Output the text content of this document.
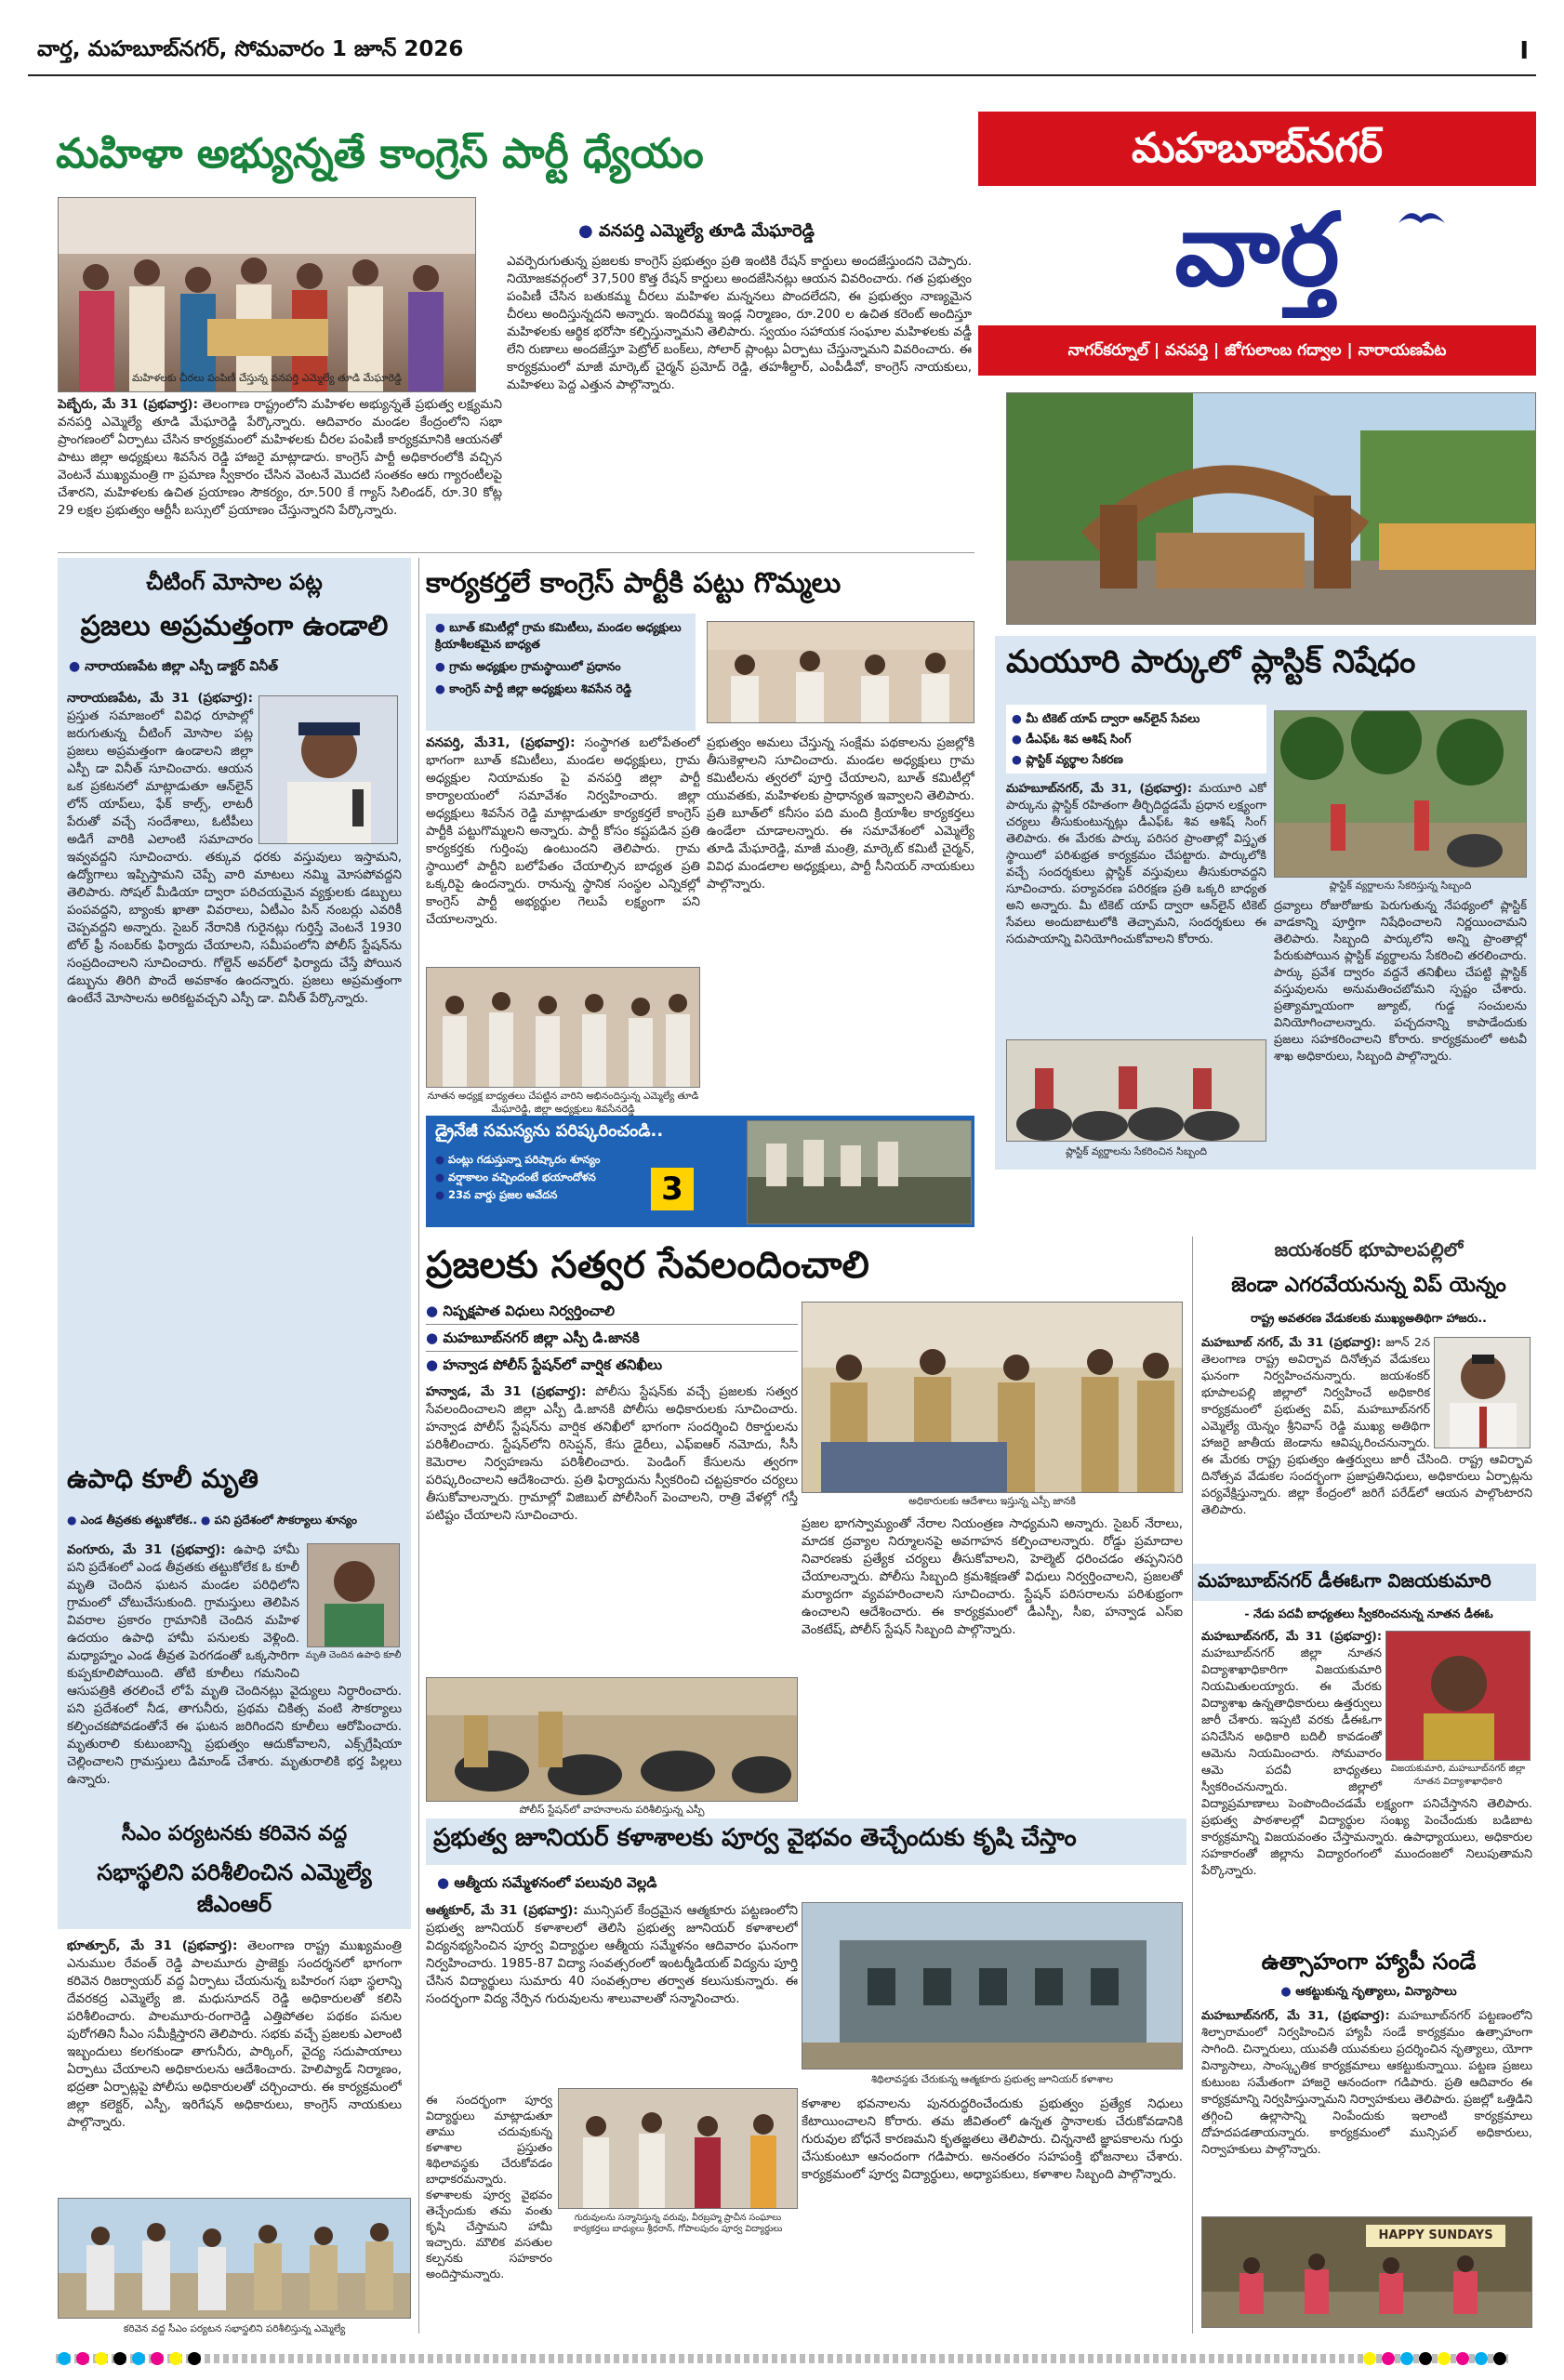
వార్త, మహబూబ్‌నగర్, సోమవారం 1 జూన్ 2026	I
మహిళా అభ్యున్నతే కాంగ్రెస్ పార్టీ ధ్యేయం	మహబూబ్‌నగర్
వార్త
నాగర్‌కర్నూల్ | వనపర్తి | జోగులాంబ గద్వాల | నారాయణపేట
మహిళలకు చీరలు పంపిణీ చేస్తున్న వనపర్తి ఎమ్మెల్యే తూడి మేఘారెడ్డి
● వనపర్తి ఎమ్మెల్యే తూడి మేఘారెడ్డి
ఎవర్పెరుగుతున్న ప్రజలకు కాంగ్రెస్ ప్రభుత్వం ప్రతి ఇంటికి రేషన్ కార్డులు అందజేస్తుందని చెప్పారు. నియోజకవర్గంలో 37,500 కొత్త రేషన్ కార్డులు అందజేసినట్లు ఆయన వివరించారు. గత ప్రభుత్వం పంపిణీ చేసిన బతుకమ్మ చీరలు మహిళల మన్ననలు పొందలేదని, ఈ ప్రభుత్వం నాణ్యమైన చీరలు అందిస్తున్నదని అన్నారు. ఇందిరమ్మ ఇండ్ల నిర్మాణం, రూ.200 ల ఉచిత కరెంట్ అందిస్తూ మహిళలకు ఆర్థిక భరోసా కల్పిస్తున్నామని తెలిపారు. స్వయం సహాయక సంఘాల మహిళలకు వడ్డీ లేని రుణాలు అందజేస్తూ పెట్రోల్ బంక్‌లు, సోలార్ ప్లాంట్లు ఏర్పాటు చేస్తున్నామని వివరించారు. ఈ కార్యక్రమంలో మాజీ మార్కెట్ చైర్మన్ ప్రమోద్ రెడ్డి, తహశీల్దార్, ఎంపీడీవో, కాంగ్రెస్ నాయకులు, మహిళలు పెద్ద ఎత్తున పాల్గొన్నారు.
పెబ్బేరు, మే 31 (ప్రభవార్త): తెలంగాణ రాష్ట్రంలోని మహిళల అభ్యున్నతే ప్రభుత్వ లక్ష్యమని వనపర్తి ఎమ్మెల్యే తూడి మేఘారెడ్డి పేర్కొన్నారు. ఆదివారం మండల కేంద్రంలోని సభా ప్రాంగణంలో ఏర్పాటు చేసిన కార్యక్రమంలో మహిళలకు చీరల పంపిణీ కార్యక్రమానికి ఆయనతో పాటు జిల్లా అధ్యక్షులు శివసేన రెడ్డి హాజరై మాట్లాడారు. కాంగ్రెస్ పార్టీ అధికారంలోకి వచ్చిన వెంటనే ముఖ్యమంత్రి గా ప్రమాణ స్వీకారం చేసిన వెంటనే మొదటి సంతకం ఆరు గ్యారంటీలపై చేశారని, మహిళలకు ఉచిత ప్రయాణం సౌకర్యం, రూ.500 కే గ్యాస్ సిలిండర్, రూ.30 కోట్ల 29 లక్షల ప్రభుత్వం ఆర్టీసీ బస్సులో ప్రయాణం చేస్తున్నారని పేర్కొన్నారు.
చీటింగ్ మోసాల పట్ల
ప్రజలు అప్రమత్తంగా ఉండాలి
● నారాయణపేట జిల్లా ఎస్పీ డాక్టర్ వినీత్
నారాయణపేట, మే 31 (ప్రభవార్త): ప్రస్తుత సమాజంలో వివిధ రూపాల్లో జరుగుతున్న చీటింగ్ మోసాల పట్ల ప్రజలు అప్రమత్తంగా ఉండాలని జిల్లా ఎస్పీ డా వినీత్ సూచించారు. ఆయన ఒక ప్రకటనలో మాట్లాడుతూ ఆన్‌లైన్ లోన్ యాప్‌లు, ఫేక్ కాల్స్, లాటరీ పేరుతో వచ్చే సందేశాలు, ఓటీపీలు అడిగే వారికి ఎలాంటి సమాచారం ఇవ్వవద్దని సూచించారు. తక్కువ ధరకు వస్తువులు ఇస్తామని, ఉద్యోగాలు ఇప్పిస్తామని చెప్పే వారి మాటలు నమ్మి మోసపోవద్దని తెలిపారు. సోషల్ మీడియా ద్వారా పరిచయమైన వ్యక్తులకు డబ్బులు పంపవద్దని, బ్యాంకు ఖాతా వివరాలు, ఏటీఎం పిన్ నంబర్లు ఎవరికీ చెప్పవద్దని అన్నారు. సైబర్ నేరానికి గురైనట్లు గుర్తిస్తే వెంటనే 1930 టోల్ ఫ్రీ నంబర్‌కు ఫిర్యాదు చేయాలని, సమీపంలోని పోలీస్ స్టేషన్‌ను సంప్రదించాలని సూచించారు. గోల్డెన్ అవర్‌లో ఫిర్యాదు చేస్తే పోయిన డబ్బును తిరిగి పొందే అవకాశం ఉందన్నారు. ప్రజలు అప్రమత్తంగా ఉంటేనే మోసాలను అరికట్టవచ్చని ఎస్పీ డా. వినీత్ పేర్కొన్నారు.
ఉపాధి కూలీ మృతి
● ఎండ తీవ్రతకు తట్టుకోలేక.. ● పని ప్రదేశంలో సౌకర్యాలు శూన్యం
మృతి చెందిన ఉపాధి కూలీ
వంగూరు, మే 31 (ప్రభవార్త): ఉపాధి హామీ పని ప్రదేశంలో ఎండ తీవ్రతకు తట్టుకోలేక ఓ కూలీ మృతి చెందిన ఘటన మండల పరిధిలోని గ్రామంలో చోటుచేసుకుంది. గ్రామస్తులు తెలిపిన వివరాల ప్రకారం గ్రామానికి చెందిన మహిళ ఉదయం ఉపాధి హామీ పనులకు వెళ్లింది. మధ్యాహ్నం ఎండ తీవ్రత పెరగడంతో ఒక్కసారిగా కుప్పకూలిపోయింది. తోటి కూలీలు గమనించి ఆసుపత్రికి తరలించే లోపే మృతి చెందినట్లు వైద్యులు నిర్ధారించారు. పని ప్రదేశంలో నీడ, తాగునీరు, ప్రథమ చికిత్స వంటి సౌకర్యాలు కల్పించకపోవడంతోనే ఈ ఘటన జరిగిందని కూలీలు ఆరోపించారు. మృతురాలి కుటుంబాన్ని ప్రభుత్వం ఆదుకోవాలని, ఎక్స్‌గ్రేషియా చెల్లించాలని గ్రామస్తులు డిమాండ్ చేశారు. మృతురాలికి భర్త పిల్లలు ఉన్నారు.
సీఎం పర్యటనకు కరివెన వద్ద
సభాస్థలిని పరిశీలించిన ఎమ్మెల్యే జీఎంఆర్
భూత్పూర్, మే 31 (ప్రభవార్త): తెలంగాణ రాష్ట్ర ముఖ్యమంత్రి ఎనుముల రేవంత్ రెడ్డి పాలమూరు ప్రాజెక్టు సందర్శనలో భాగంగా కరివెన రిజర్వాయర్ వద్ద ఏర్పాటు చేయనున్న బహిరంగ సభా స్థలాన్ని దేవరకద్ర ఎమ్మెల్యే జి. మధుసూదన్ రెడ్డి అధికారులతో కలిసి పరిశీలించారు. పాలమూరు-రంగారెడ్డి ఎత్తిపోతల పథకం పనుల పురోగతిని సీఎం సమీక్షిస్తారని తెలిపారు. సభకు వచ్చే ప్రజలకు ఎలాంటి ఇబ్బందులు కలగకుండా తాగునీరు, పార్కింగ్, వైద్య సదుపాయాలు ఏర్పాటు చేయాలని అధికారులను ఆదేశించారు. హెలిప్యాడ్ నిర్మాణం, భద్రతా ఏర్పాట్లపై పోలీసు అధికారులతో చర్చించారు. ఈ కార్యక్రమంలో జిల్లా కలెక్టర్, ఎస్పీ, ఇరిగేషన్ అధికారులు, కాంగ్రెస్ నాయకులు పాల్గొన్నారు.
కరివెన వద్ద సీఎం పర్యటన సభాస్థలిని పరిశీలిస్తున్న ఎమ్మెల్యే
కార్యకర్తలే కాంగ్రెస్ పార్టీకి పట్టు గొమ్మలు
● బూత్ కమిటీల్లో గ్రామ కమిటీలు, మండల అధ్యక్షులు క్రియాశీలకమైన బాధ్యత
● గ్రామ అధ్యక్షుల గ్రామస్థాయిలో ప్రధానం
● కాంగ్రెస్ పార్టీ జిల్లా అధ్యక్షులు శివసేన రెడ్డి
వనపర్తి, మే31, (ప్రభవార్త): సంస్థాగత బలోపేతంలో భాగంగా బూత్ కమిటీలు, మండల అధ్యక్షులు, గ్రామ అధ్యక్షుల నియామకం పై వనపర్తి జిల్లా పార్టీ కార్యాలయంలో సమావేశం నిర్వహించారు. జిల్లా అధ్యక్షులు శివసేన రెడ్డి మాట్లాడుతూ కార్యకర్తలే కాంగ్రెస్ పార్టీకి పట్టుగొమ్మలని అన్నారు. పార్టీ కోసం కష్టపడిన ప్రతి కార్యకర్తకు గుర్తింపు ఉంటుందని తెలిపారు. గ్రామ స్థాయిలో పార్టీని బలోపేతం చేయాల్సిన బాధ్యత ప్రతి ఒక్కరిపై ఉందన్నారు. రానున్న స్థానిక సంస్థల ఎన్నికల్లో కాంగ్రెస్ పార్టీ అభ్యర్థుల గెలుపే లక్ష్యంగా పని చేయాలన్నారు.
ప్రభుత్వం అమలు చేస్తున్న సంక్షేమ పథకాలను ప్రజల్లోకి తీసుకెళ్లాలని సూచించారు. మండల అధ్యక్షులు గ్రామ కమిటీలను త్వరలో పూర్తి చేయాలని, బూత్ కమిటీల్లో యువతకు, మహిళలకు ప్రాధాన్యత ఇవ్వాలని తెలిపారు. ప్రతి బూత్‌లో కనీసం పది మంది క్రియాశీల కార్యకర్తలు ఉండేలా చూడాలన్నారు. ఈ సమావేశంలో ఎమ్మెల్యే తూడి మేఘారెడ్డి, మాజీ మంత్రి, మార్కెట్ కమిటీ చైర్మన్, వివిధ మండలాల అధ్యక్షులు, పార్టీ సీనియర్ నాయకులు పాల్గొన్నారు.
నూతన అధ్యక్ష బాధ్యతలు చేపట్టిన వారిని అభినందిస్తున్న ఎమ్మెల్యే తూడి మేఘారెడ్డి, జిల్లా అధ్యక్షులు శివసేనరెడ్డి
డ్రైనేజీ సమస్యను పరిష్కరించండి..
● పంట్లు గడుస్తున్నా పరిష్కారం శూన్యం
● వర్షాకాలం వచ్చిందంటే భయాందోళన
● 23వ వార్డు ప్రజల ఆవేదన	3
మయూరి పార్కులో ప్లాస్టిక్ నిషేధం
● మీ టికెట్ యాప్ ద్వారా ఆన్‌లైన్ సేవలు
● డీఎఫ్‌ఓ శివ ఆశిష్ సింగ్
● ప్లాస్టిక్ వ్యర్థాల సేకరణ
ప్లాస్టిక్ వ్యర్థాలను సేకరిస్తున్న సిబ్బంది
మహబూబ్‌నగర్, మే 31, (ప్రభవార్త): మయూరి ఎకో పార్కును ప్లాస్టిక్ రహితంగా తీర్చిదిద్దడమే ప్రధాన లక్ష్యంగా చర్యలు తీసుకుంటున్నట్లు డీఎఫ్‌ఓ శివ ఆశిష్ సింగ్ తెలిపారు. ఈ మేరకు పార్కు పరిసర ప్రాంతాల్లో విస్తృత స్థాయిలో పరిశుభ్రత కార్యక్రమం చేపట్టారు. పార్కులోకి వచ్చే సందర్శకులు ప్లాస్టిక్ వస్తువులు తీసుకురావద్దని సూచించారు. పర్యావరణ పరిరక్షణ ప్రతి ఒక్కరి బాధ్యత అని అన్నారు. మీ టికెట్ యాప్ ద్వారా ఆన్‌లైన్ టికెట్ సేవలు అందుబాటులోకి తెచ్చామని, సందర్శకులు ఈ సదుపాయాన్ని వినియోగించుకోవాలని కోరారు.
ద్రవ్యాలు రోజురోజుకు పెరుగుతున్న నేపథ్యంలో ప్లాస్టిక్ వాడకాన్ని పూర్తిగా నిషేధించాలని నిర్ణయించామని తెలిపారు. సిబ్బంది పార్కులోని అన్ని ప్రాంతాల్లో పేరుకుపోయిన ప్లాస్టిక్ వ్యర్థాలను సేకరించి తరలించారు. పార్కు ప్రవేశ ద్వారం వద్దనే తనిఖీలు చేపట్టి ప్లాస్టిక్ వస్తువులను అనుమతించబోమని స్పష్టం చేశారు. ప్రత్యామ్నాయంగా జ్యూట్, గుడ్డ సంచులను వినియోగించాలన్నారు. పచ్చదనాన్ని కాపాడేందుకు ప్రజలు సహకరించాలని కోరారు. కార్యక్రమంలో అటవీ శాఖ అధికారులు, సిబ్బంది పాల్గొన్నారు.
ప్లాస్టిక్ వ్యర్థాలను సేకరించిన సిబ్బంది
ప్రజలకు సత్వర సేవలందించాలి
● నిష్పక్షపాత విధులు నిర్వర్తించాలి
● మహబూబ్‌నగర్ జిల్లా ఎస్పీ డి.జానకి
● హన్వాడ పోలీస్ స్టేషన్‌లో వార్షిక తనిఖీలు
అధికారులకు ఆదేశాలు ఇస్తున్న ఎస్పీ జానకి
హన్వాడ, మే 31 (ప్రభవార్త): పోలీసు స్టేషన్‌కు వచ్చే ప్రజలకు సత్వర సేవలందించాలని జిల్లా ఎస్పీ డి.జానకి పోలీసు అధికారులకు సూచించారు. హన్వాడ పోలీస్ స్టేషన్‌ను వార్షిక తనిఖీలో భాగంగా సందర్శించి రికార్డులను పరిశీలించారు. స్టేషన్‌లోని రిసెప్షన్, కేసు డైరీలు, ఎఫ్‌ఐఆర్ నమోదు, సీసీ కెమెరాల నిర్వహణను పరిశీలించారు. పెండింగ్ కేసులను త్వరగా పరిష్కరించాలని ఆదేశించారు. ప్రతి ఫిర్యాదును స్వీకరించి చట్టప్రకారం చర్యలు తీసుకోవాలన్నారు. గ్రామాల్లో విజిబుల్ పోలీసింగ్ పెంచాలని, రాత్రి వేళల్లో గస్తీ పటిష్టం చేయాలని సూచించారు.
ప్రజల భాగస్వామ్యంతో నేరాల నియంత్రణ సాధ్యమని అన్నారు. సైబర్ నేరాలు, మాదక ద్రవ్యాల నిర్మూలనపై అవగాహన కల్పించాలన్నారు. రోడ్డు ప్రమాదాల నివారణకు ప్రత్యేక చర్యలు తీసుకోవాలని, హెల్మెట్ ధరించడం తప్పనిసరి చేయాలన్నారు. పోలీసు సిబ్బంది క్రమశిక్షణతో విధులు నిర్వర్తించాలని, ప్రజలతో మర్యాదగా వ్యవహరించాలని సూచించారు. స్టేషన్ పరిసరాలను పరిశుభ్రంగా ఉంచాలని ఆదేశించారు. ఈ కార్యక్రమంలో డీఎస్పీ, సీఐ, హన్వాడ ఎస్ఐ వెంకటేష్, పోలీస్ స్టేషన్ సిబ్బంది పాల్గొన్నారు.
పోలీస్ స్టేషన్‌లో వాహనాలను పరిశీలిస్తున్న ఎస్పీ
జయశంకర్ భూపాలపల్లిలో
జెండా ఎగరవేయనున్న విప్ యెన్నం
రాష్ట్ర అవతరణ వేడుకలకు ముఖ్యఅతిథిగా హాజరు..
మహబూబ్ నగర్, మే 31 (ప్రభవార్త): జూన్ 2న తెలంగాణ రాష్ట్ర అవిర్భావ దినోత్సవ వేడుకలు ఘనంగా నిర్వహించనున్నారు. జయశంకర్ భూపాలపల్లి జిల్లాలో నిర్వహించే అధికారిక కార్యక్రమంలో ప్రభుత్వ విప్, మహబూబ్‌నగర్ ఎమ్మెల్యే యెన్నం శ్రీనివాస్ రెడ్డి ముఖ్య అతిథిగా హాజరై జాతీయ జెండాను ఆవిష్కరించనున్నారు. ఈ మేరకు రాష్ట్ర ప్రభుత్వం ఉత్తర్వులు జారీ చేసింది. రాష్ట్ర ఆవిర్భావ దినోత్సవ వేడుకల సందర్భంగా ప్రజాప్రతినిధులు, అధికారులు ఏర్పాట్లను పర్యవేక్షిస్తున్నారు. జిల్లా కేంద్రంలో జరిగే పరేడ్‌లో ఆయన పాల్గొంటారని తెలిపారు.
మహబూబ్‌నగర్ డీఈఓగా విజయకుమారి
- నేడు పదవీ బాధ్యతలు స్వీకరించనున్న నూతన డీఈఓ
విజయకుమారి, మహబూబ్‌నగర్ జిల్లా నూతన విద్యాశాఖాధికారి
మహబూబ్‌నగర్, మే 31 (ప్రభవార్త): మహబూబ్‌నగర్ జిల్లా నూతన విద్యాశాఖాధికారిగా విజయకుమారి నియమితులయ్యారు. ఈ మేరకు విద్యాశాఖ ఉన్నతాధికారులు ఉత్తర్వులు జారీ చేశారు. ఇప్పటి వరకు డీఈఓగా పనిచేసిన అధికారి బదిలీ కావడంతో ఆమెను నియమించారు. సోమవారం ఆమె పదవీ బాధ్యతలు స్వీకరించనున్నారు. జిల్లాలో విద్యాప్రమాణాలు పెంపొందించడమే లక్ష్యంగా పనిచేస్తానని తెలిపారు. ప్రభుత్వ పాఠశాలల్లో విద్యార్థుల సంఖ్య పెంచేందుకు బడిబాట కార్యక్రమాన్ని విజయవంతం చేస్తామన్నారు. ఉపాధ్యాయులు, అధికారుల సహకారంతో జిల్లాను విద్యారంగంలో ముందంజలో నిలుపుతామని పేర్కొన్నారు.
ఉత్సాహంగా హ్యాపీ సండే
● ఆకట్టుకున్న నృత్యాలు, విన్యాసాలు
మహబూబ్‌నగర్, మే 31, (ప్రభవార్త): మహబూబ్‌నగర్ పట్టణంలోని శిల్పారామంలో నిర్వహించిన హ్యాపీ సండే కార్యక్రమం ఉత్సాహంగా సాగింది. చిన్నారులు, యువతీ యువకులు ప్రదర్శించిన నృత్యాలు, యోగా విన్యాసాలు, సాంస్కృతిక కార్యక్రమాలు ఆకట్టుకున్నాయి. పట్టణ ప్రజలు కుటుంబ సమేతంగా హాజరై ఆనందంగా గడిపారు. ప్రతి ఆదివారం ఈ కార్యక్రమాన్ని నిర్వహిస్తున్నామని నిర్వాహకులు తెలిపారు. ప్రజల్లో ఒత్తిడిని తగ్గించి ఉల్లాసాన్ని నింపేందుకు ఇలాంటి కార్యక్రమాలు దోహదపడతాయన్నారు. కార్యక్రమంలో మున్సిపల్ అధికారులు, నిర్వాహకులు పాల్గొన్నారు.
HAPPY SUNDAYS
ప్రభుత్వ జూనియర్ కళాశాలకు పూర్వ వైభవం తెచ్చేందుకు కృషి చేస్తాం
● ఆత్మీయ సమ్మేళనంలో పలువురి వెల్లడి
ఆత్మకూర్, మే 31 (ప్రభవార్త): మున్సిపల్ కేంద్రమైన ఆత్మకూరు పట్టణంలోని ప్రభుత్వ జూనియర్ కళాశాలలో తెలిసి ప్రభుత్వ జూనియర్ కళాశాలలో విద్యనభ్యసించిన పూర్వ విద్యార్థుల ఆత్మీయ సమ్మేళనం ఆదివారం ఘనంగా నిర్వహించారు. 1985-87 విద్యా సంవత్సరంలో ఇంటర్మీడియట్ విద్యను పూర్తి చేసిన విద్యార్థులు సుమారు 40 సంవత్సరాల తర్వాత కలుసుకున్నారు. ఈ సందర్భంగా విద్య నేర్పిన గురువులను శాలువాలతో సన్మానించారు.
శిథిలావస్థకు చేరుకున్న ఆత్మకూరు ప్రభుత్వ జూనియర్ కళాశాల
గురువులను సన్మానిస్తున్న వరువు, వీరబ్రహ్మ ప్రాచీన సంఘాలు కార్యకర్తలు బాధ్యులు శ్రీధరాన్, గోపాలపురం పూర్వ విద్యార్థులు
ఈ సందర్భంగా పూర్వ విద్యార్థులు మాట్లాడుతూ తాము చదువుకున్న కళాశాల ప్రస్తుతం శిథిలావస్థకు చేరుకోవడం బాధాకరమన్నారు. కళాశాలకు పూర్వ వైభవం తెచ్చేందుకు తమ వంతు కృషి చేస్తామని హామీ ఇచ్చారు. మౌలిక వసతుల కల్పనకు సహకారం అందిస్తామన్నారు.
కళాశాల భవనాలను పునరుద్ధరించేందుకు ప్రభుత్వం ప్రత్యేక నిధులు కేటాయించాలని కోరారు. తమ జీవితంలో ఉన్నత స్థానాలకు చేరుకోవడానికి గురువుల బోధనే కారణమని కృతజ్ఞతలు తెలిపారు. చిన్ననాటి జ్ఞాపకాలను గుర్తు చేసుకుంటూ ఆనందంగా గడిపారు. అనంతరం సహపంక్తి భోజనాలు చేశారు. కార్యక్రమంలో పూర్వ విద్యార్థులు, అధ్యాపకులు, కళాశాల సిబ్బంది పాల్గొన్నారు.
